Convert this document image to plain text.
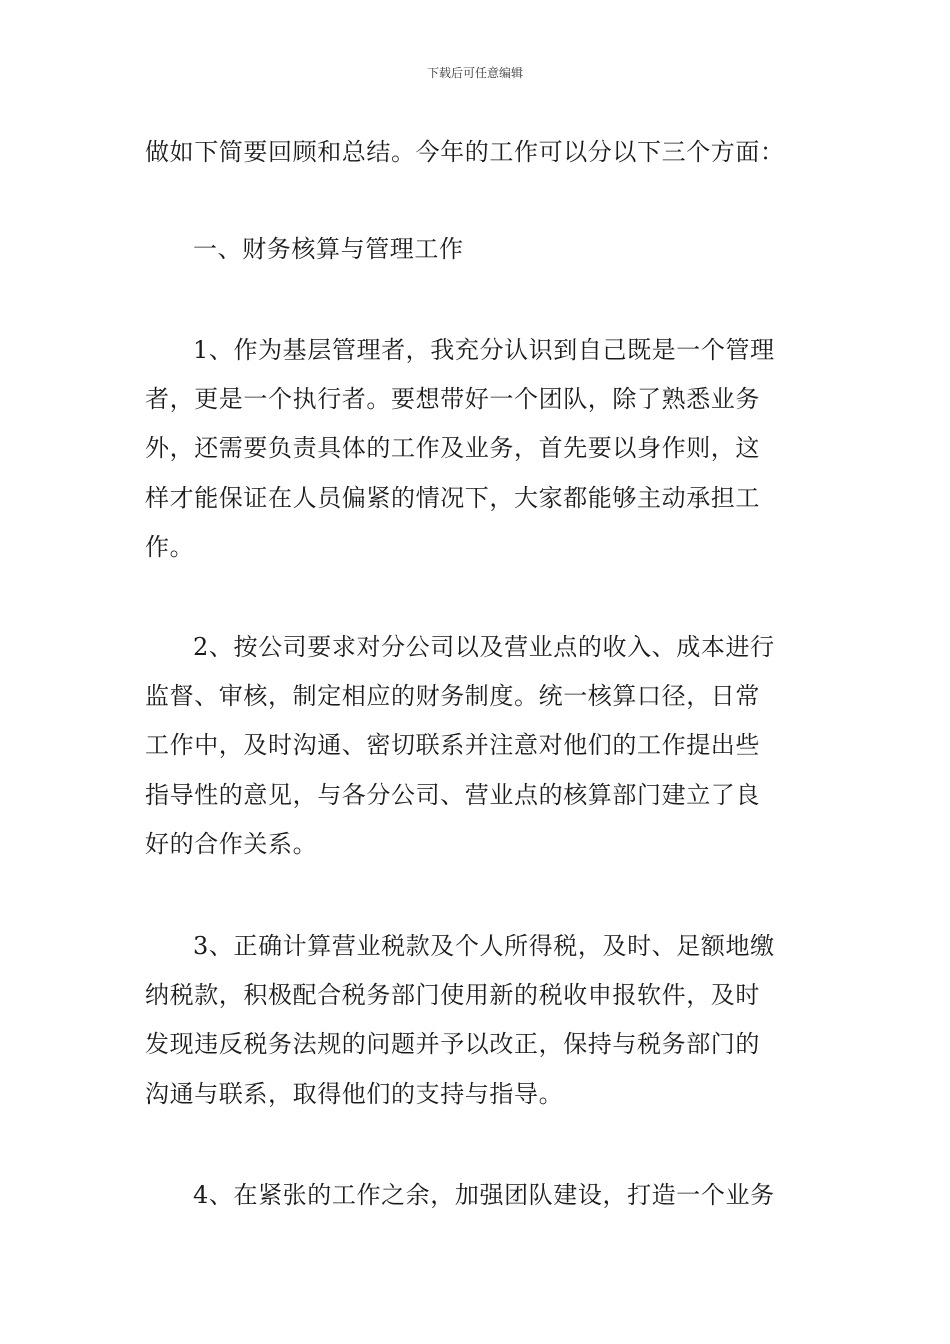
下载后可任意编辑
做如下简要回顾和总结。今年的工作可以分以下三个方面：
一、财务核算与管理工作
1、作为基层管理者，我充分认识到自己既是一个管理
者，更是一个执行者。要想带好一个团队，除了熟悉业务
外，还需要负责具体的工作及业务，首先要以身作则，这
样才能保证在人员偏紧的情况下，大家都能够主动承担工
作。
2、按公司要求对分公司以及营业点的收入、成本进行
监督、审核，制定相应的财务制度。统一核算口径，日常
工作中，及时沟通、密切联系并注意对他们的工作提出些
指导性的意见，与各分公司、营业点的核算部门建立了良
好的合作关系。
3、正确计算营业税款及个人所得税，及时、足额地缴
纳税款，积极配合税务部门使用新的税收申报软件，及时
发现违反税务法规的问题并予以改正，保持与税务部门的
沟通与联系，取得他们的支持与指导。
4、在紧张的工作之余，加强团队建设，打造一个业务
